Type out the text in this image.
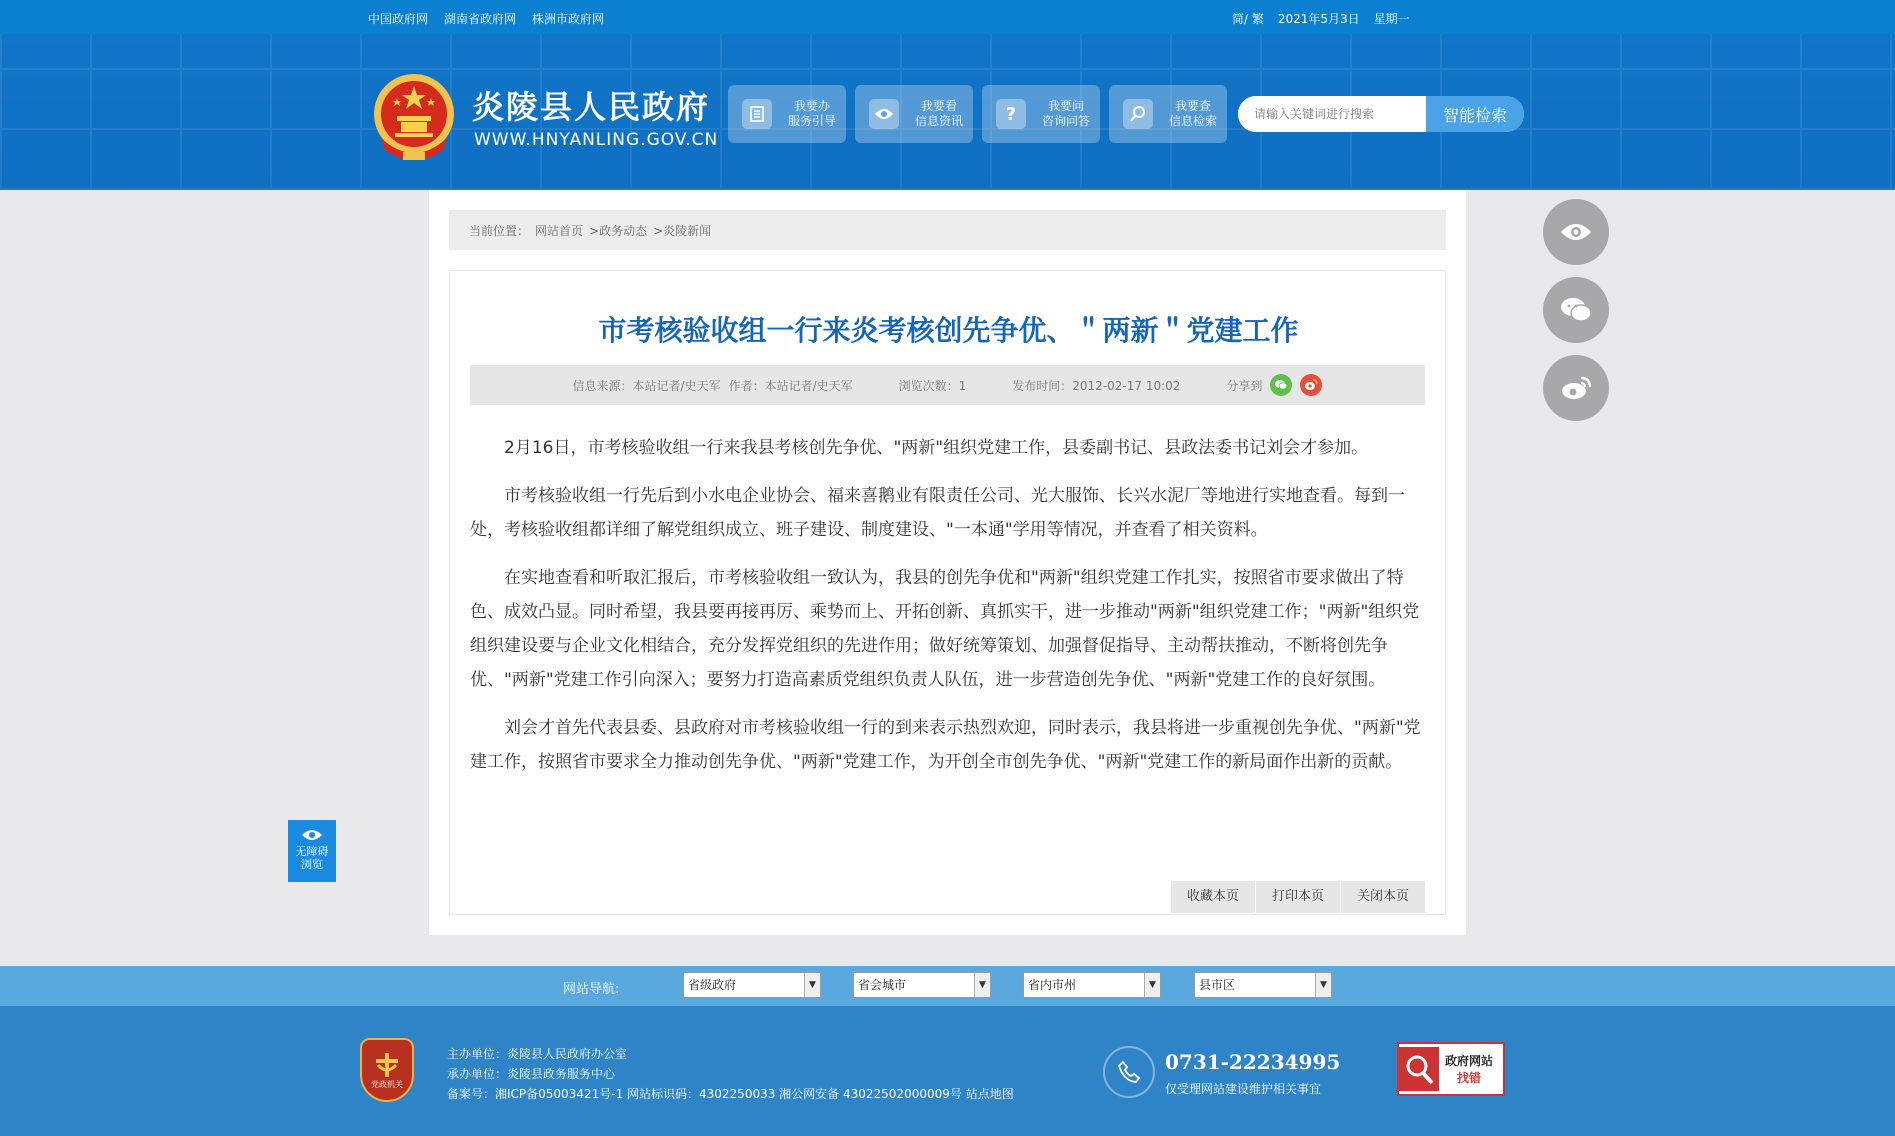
中国政府网 湖南省政府网 株洲市政府网	简/ 繁 2021年5月3日 星期一
炎陵县人民政府
WWW.HNYANLING.GOV.CN
我要办
服务引导
我要看
信息资讯 ?	我要问
咨询问答
我要查
信息检索
请输入关键词进行搜索	智能检索
当前位置： 网站首页 >政务动态 >炎陵新闻
市考核验收组一行来炎考核创先争优、＂两新＂党建工作
信息来源：本站记者/史天军 作者：本站记者/史天军	浏览次数：1	发布时间：2012-02-17 10:02	分享到

2月16日，市考核验收组一行来我县考核创先争优、"两新"组织党建工作，县委副书记、县政法委书记刘会才参加。

市考核验收组一行先后到小水电企业协会、福来喜鹅业有限责任公司、光大服饰、长兴水泥厂等地进行实地查看。每到一处，考核验收组都详细了解党组织成立、班子建设、制度建设、"一本通"学用等情况，并查看了相关资料。

在实地查看和听取汇报后，市考核验收组一致认为，我县的创先争优和"两新"组织党建工作扎实，按照省市要求做出了特色、成效凸显。同时希望，我县要再接再厉、乘势而上、开拓创新、真抓实干，进一步推动"两新"组织党建工作；"两新"组织党组织建设要与企业文化相结合，充分发挥党组织的先进作用；做好统筹策划、加强督促指导、主动帮扶推动，不断将创先争优、"两新"党建工作引向深入；要努力打造高素质党组织负责人队伍，进一步营造创先争优、"两新"党建工作的良好氛围。

刘会才首先代表县委、县政府对市考核验收组一行的到来表示热烈欢迎，同时表示，我县将进一步重视创先争优、"两新"党建工作，按照省市要求全力推动创先争优、"两新"党建工作，为开创全市创先争优、"两新"党建工作的新局面作出新的贡献。

收藏本页	打印本页	关闭本页
无障碍
浏览
网站导航:	省级政府	▼	省会城市	▼	省内市州	▼	县市区	▼
党政机关
主办单位：炎陵县人民政府办公室
承办单位：炎陵县政务服务中心
备案号：湘ICP备05003421号-1 网站标识码：4302250033 湘公网安备 43022502000009号 站点地图
0731-22234995
仅受理网站建设维护相关事宜
政府网站
找错
